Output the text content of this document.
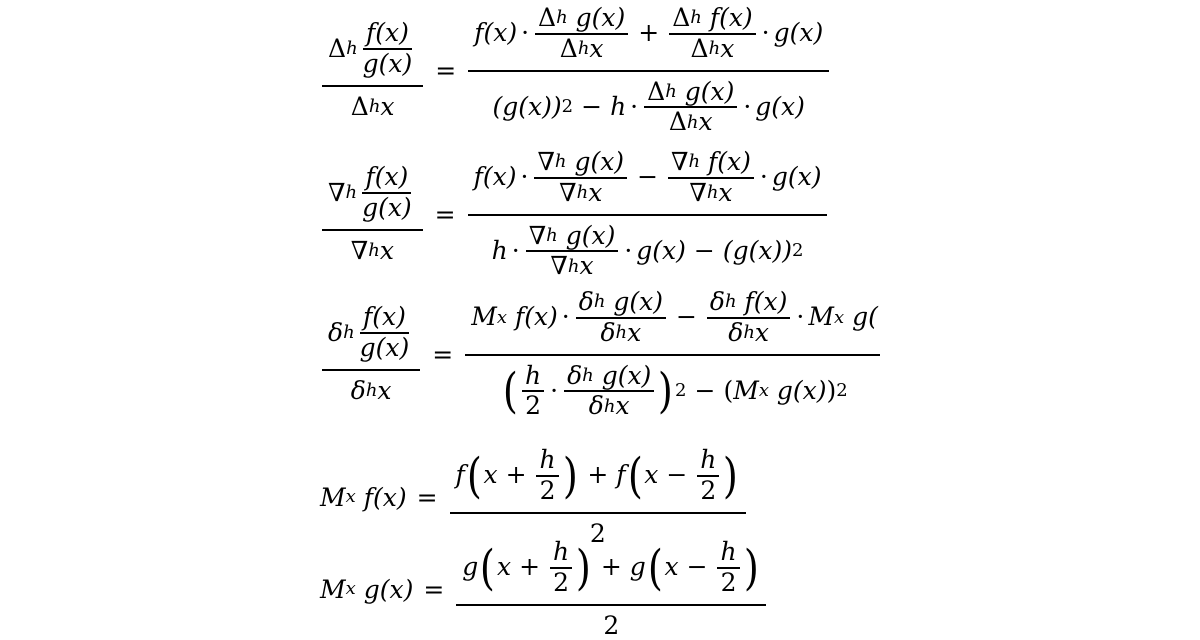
$\frac{\Delta h \frac{f(x)}{g(x)}}{\text{Δ h x}}$ =
f(x) · Δ h
g(x)
Δ h x + Δ h
f(x)
Δ h x · g(x)
(g(x)) 2 − h · Δ h
g(x)
Δ h x · g(x)
$\frac{\nabla h \frac{f(x)}{g(x)}}{\text{∇ h x}}$ =
f(x) · ∇ h
g(x)
∇ h x − ∇ h
f(x)
∇ h x · g(x)
h · ∇ h
g(x)
∇ h x · g(x) − (g(x)) 2
$\frac{\delta h \frac{f(x)}{g(x)}}{\text{δ h x}}$ =
M x
f(x) · δ h
g(x)
δ h x − δ h
f(x)
δ h x · M x
g(
( $\frac{h}{2} \cdot \delta$ h
g(x)
δ h x ) 2 − ( M x
g(x) ) 2
M x
f(x) =
f ( x +
$\frac{h}{2}$ ) + f ( x −
$\frac{h}{2}$ )
2
M x
g(x) =
g ( x +
$\frac{h}{2}$ ) + g ( x −
$\frac{h}{2}$ )
2
